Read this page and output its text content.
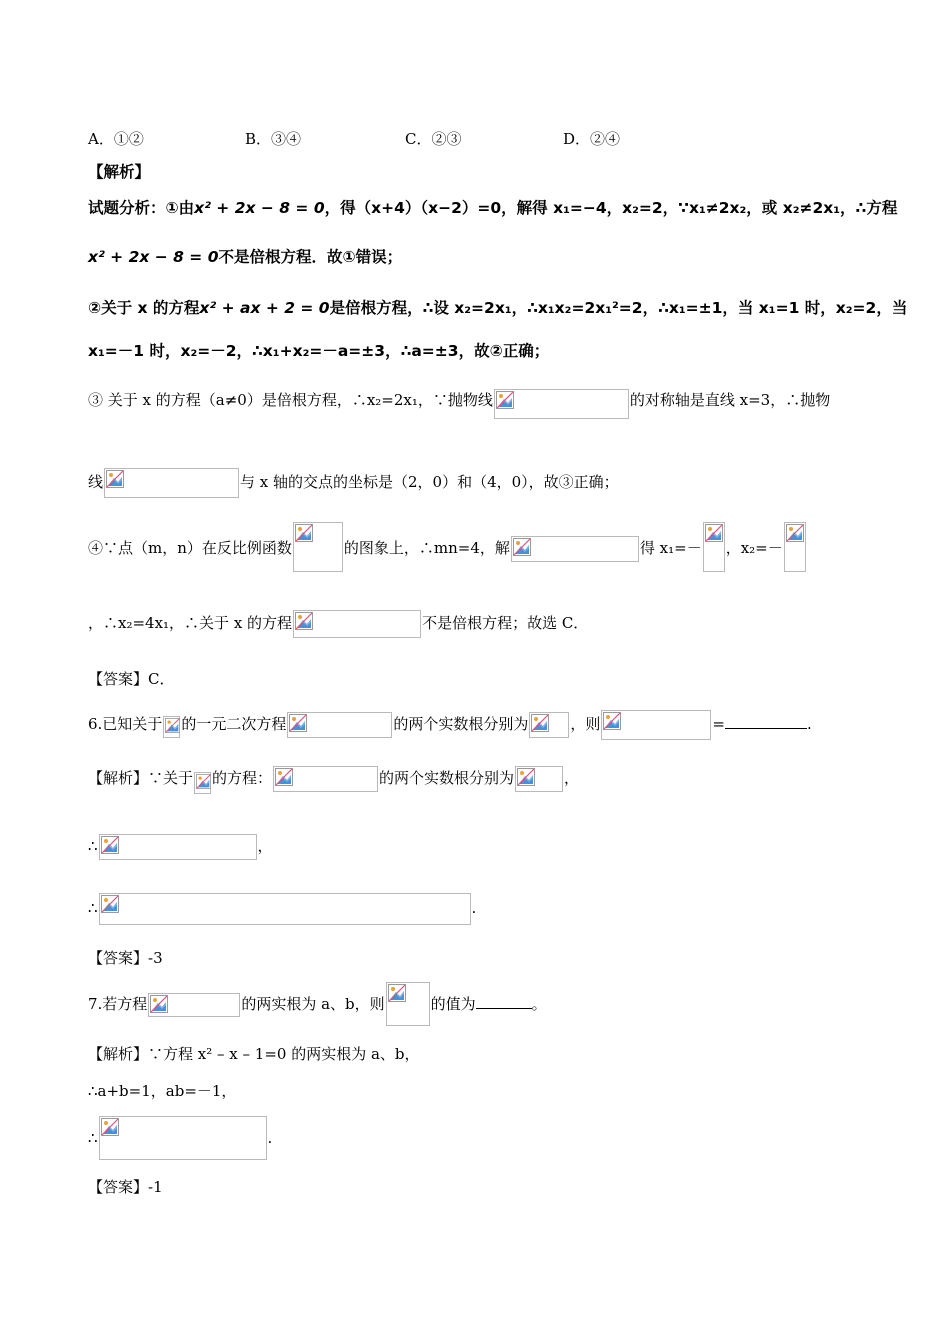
A．①②	B．③④	C．②③	D．②④
【解析】
试题分析：①由x² + 2x − 8 = 0，得（x+4）（x−2）=0，解得 x₁=−4，x₂=2，∵x₁≠2x₂，或 x₂≠2x₁，∴方程
x² + 2x − 8 = 0不是倍根方程．故①错误；
②关于 x 的方程x² + ax + 2 = 0是倍根方程，∴设 x₂=2x₁，∴x₁x₂=2x₁²=2，∴x₁=±1，当 x₁=1 时，x₂=2，当
x₁=－1 时，x₂=－2，∴x₁+x₂=－a=±3，∴a=±3，故②正确；
③ 关于 x 的方程（a≠0）是倍根方程，∴x₂=2x₁，∵抛物线	的对称轴是直线 x=3，∴抛物
线	与 x 轴的交点的坐标是（2，0）和（4，0），故③正确；
④∵点（m，n）在反比例函数	的图象上，∴mn=4，解	得 x₁=－ ，x₂=－
，∴x₂=4x₁，∴关于 x 的方程	不是倍根方程；故选 C．
【答案】C．
6.已知关于 的一元二次方程	的两个实数根分别为	，则	=	.
【解析】∵关于 的方程：	的两个实数根分别为	，
∴	，
∴	.
【答案】-3
7.若方程	的两实根为 a、b，则	的值为	。
【解析】∵方程 x² – x – 1=0 的两实根为 a、b，
∴a+b=1，ab=－1，
∴	.
【答案】-1
